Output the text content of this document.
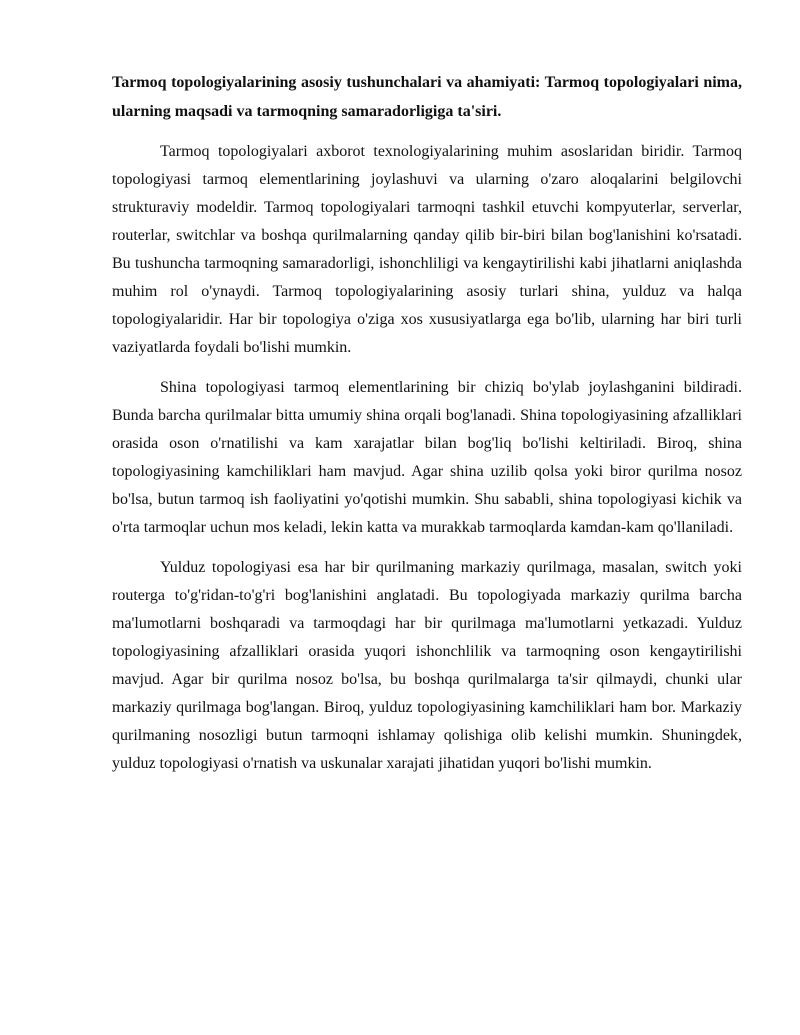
Tarmoq topologiyalarining asosiy tushunchalari va ahamiyati: Tarmoq topologiyalari nima, ularning maqsadi va tarmoqning samaradorligiga ta'siri.

Tarmoq topologiyalari axborot texnologiyalarining muhim asoslaridan biridir. Tarmoq topologiyasi tarmoq elementlarining joylashuvi va ularning o'zaro aloqalarini belgilovchi strukturaviy modeldir. Tarmoq topologiyalari tarmoqni tashkil etuvchi kompyuterlar, serverlar, routerlar, switchlar va boshqa qurilmalarning qanday qilib bir-biri bilan bog'lanishini ko'rsatadi. Bu tushuncha tarmoqning samaradorligi, ishonchliligi va kengaytirilishi kabi jihatlarni aniqlashda muhim rol o'ynaydi. Tarmoq topologiyalarining asosiy turlari shina, yulduz va halqa topologiyalaridir. Har bir topologiya o'ziga xos xususiyatlarga ega bo'lib, ularning har biri turli vaziyatlarda foydali bo'lishi mumkin.

Shina topologiyasi tarmoq elementlarining bir chiziq bo'ylab joylashganini bildiradi. Bunda barcha qurilmalar bitta umumiy shina orqali bog'lanadi. Shina topologiyasining afzalliklari orasida oson o'rnatilishi va kam xarajatlar bilan bog'liq bo'lishi keltiriladi. Biroq, shina topologiyasining kamchiliklari ham mavjud. Agar shina uzilib qolsa yoki biror qurilma nosoz bo'lsa, butun tarmoq ish faoliyatini yo'qotishi mumkin. Shu sababli, shina topologiyasi kichik va o'rta tarmoqlar uchun mos keladi, lekin katta va murakkab tarmoqlarda kamdan-kam qo'llaniladi.

Yulduz topologiyasi esa har bir qurilmaning markaziy qurilmaga, masalan, switch yoki routerga to'g'ridan-to'g'ri bog'lanishini anglatadi. Bu topologiyada markaziy qurilma barcha ma'lumotlarni boshqaradi va tarmoqdagi har bir qurilmaga ma'lumotlarni yetkazadi. Yulduz topologiyasining afzalliklari orasida yuqori ishonchlilik va tarmoqning oson kengaytirilishi mavjud. Agar bir qurilma nosoz bo'lsa, bu boshqa qurilmalarga ta'sir qilmaydi, chunki ular markaziy qurilmaga bog'langan. Biroq, yulduz topologiyasining kamchiliklari ham bor. Markaziy qurilmaning nosozligi butun tarmoqni ishlamay qolishiga olib kelishi mumkin. Shuningdek, yulduz topologiyasi o'rnatish va uskunalar xarajati jihatidan yuqori bo'lishi mumkin.
